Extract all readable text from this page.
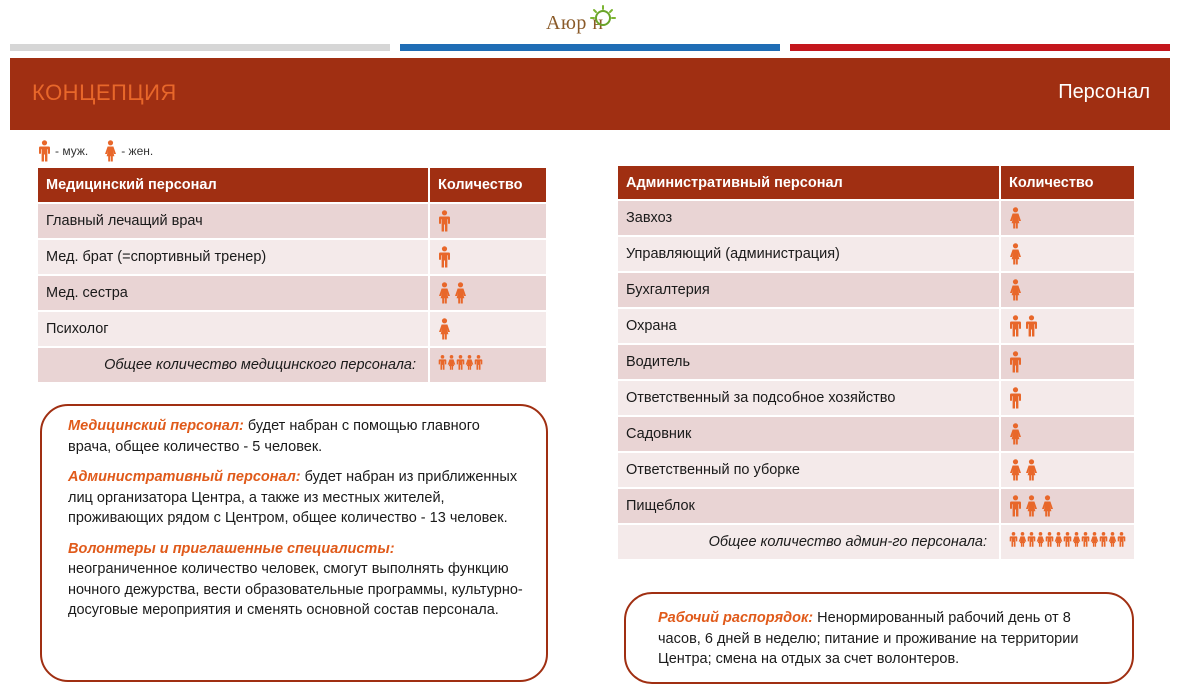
Аюр н
КОНЦЕПЦИЯ	Персонал
- муж.	- жен.
Медицинский персонал	Количество
Главный лечащий врач	

Мед. брат (=спортивный тренер)	

Мед. сестра	

Психолог	

Общее количество медицинского персонала:	
Административный персонал	Количество
Завхоз	

Управляющий (администрация)	

Бухгалтерия	

Охрана	

Водитель	

Ответственный за подсобное хозяйство	

Садовник	

Ответственный по уборке	

Пищеблок	

Общее количество админ-го персонала:	

Медицинский персонал: будет набран с помощью главного врача, общее количество - 5 человек.

Административный персонал: будет набран из приближенных лиц организатора Центра, а также из местных жителей, проживающих рядом с Центром, общее количество - 13 человек.

Волонтеры и приглашенные специалисты:
неограниченное количество человек, смогут выполнять функцию ночного дежурства, вести образовательные программы, культурно-досуговые мероприятия и сменять основной состав персонала.	Рабочий распорядок: Ненормированный рабочий день от 8 часов, 6 дней в неделю; питание и проживание на территории Центра; смена на отдых за счет волонтеров.
